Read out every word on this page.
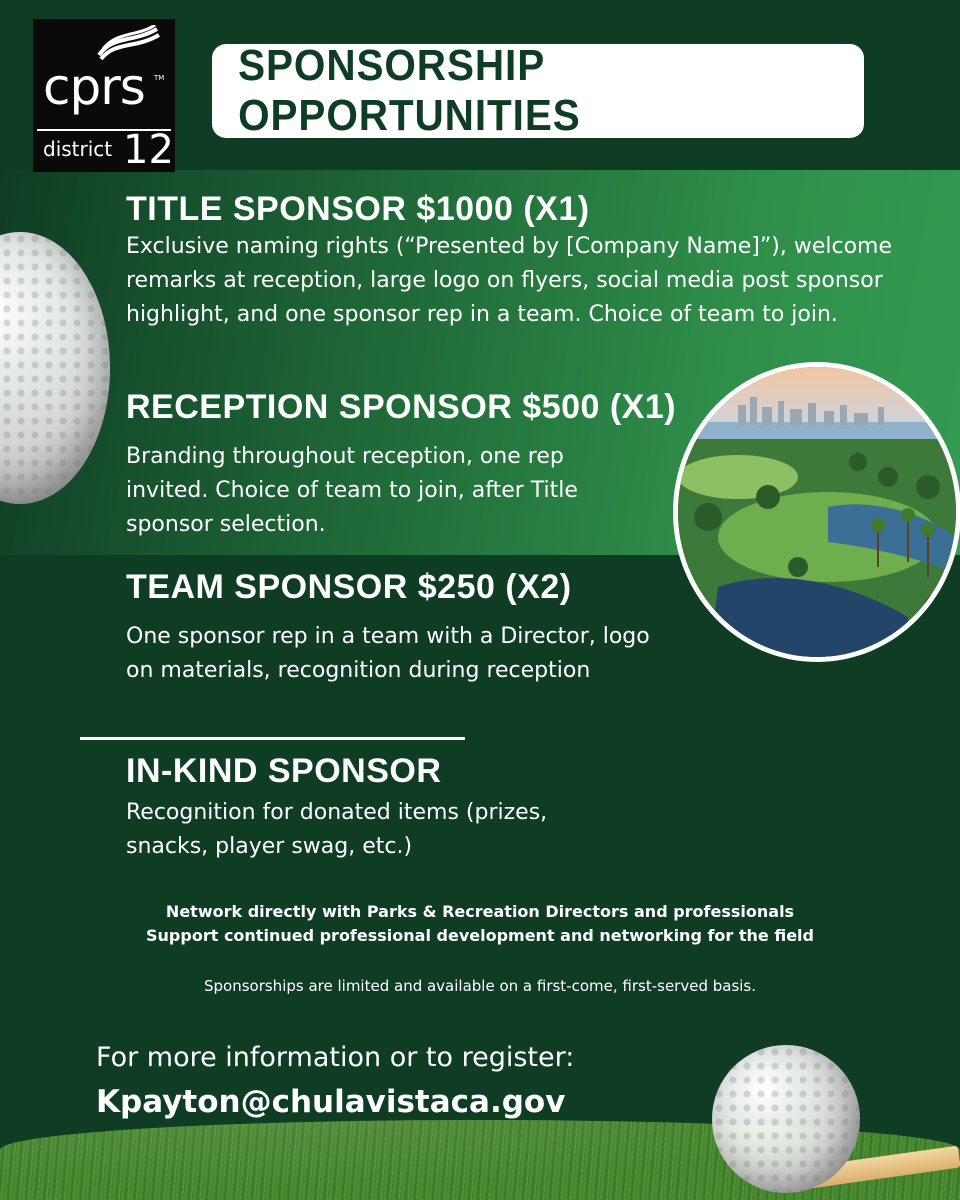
cprs TM
district 12
SPONSORSHIP OPPORTUNITIES
TITLE SPONSOR $1000 (X1)
Exclusive naming rights (“Presented by [Company Name]”), welcome remarks at reception, large logo on flyers, social media post sponsor highlight, and one sponsor rep in a team. Choice of team to join.
RECEPTION SPONSOR $500 (X1)
Branding throughout reception, one rep invited. Choice of team to join, after Title sponsor selection.
TEAM SPONSOR $250 (X2)
One sponsor rep in a team with a Director, logo on materials, recognition during reception
IN-KIND SPONSOR
Recognition for donated items (prizes, snacks, player swag, etc.)
Network directly with Parks & Recreation Directors and professionals
Support continued professional development and networking for the field
Sponsorships are limited and available on a first-come, first-served basis.
For more information or to register:
Kpayton@chulavistaca.gov
